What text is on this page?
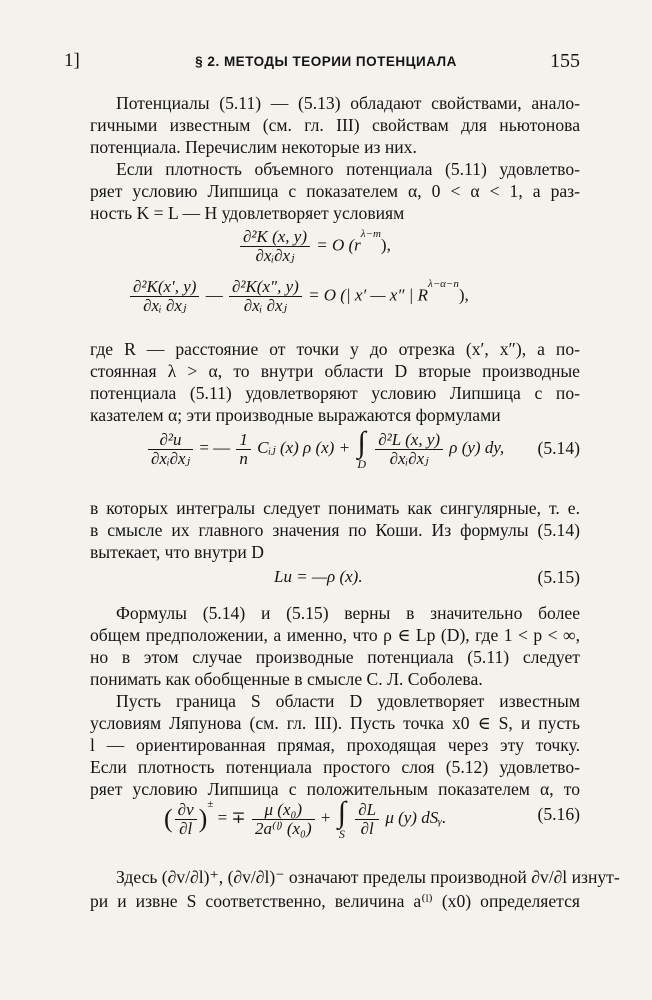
1]	§ 2. МЕТОДЫ ТЕОРИИ ПОТЕНЦИАЛА	155
Потенциалы (5.11) — (5.13) обладают свойствами, анало-
гичными известным (см. гл. III) свойствам для ньютонова
потенциала. Перечислим некоторые из них.
Если плотность объемного потенциала (5.11) удовлетво-
ряет условию Липшица с показателем α, 0 < α < 1, а раз-
ность K = L — H удовлетворяет условиям
$\frac{\text{∂²K (x, y)}}{\text{∂xᵢ∂xⱼ}} = O$ $(r^{\lambda-m})$,
$\frac{\text{∂²K(x′, y)}}{\text{∂xᵢ ∂xⱼ}}$ — $\frac{\text{∂²K(x″, y)}}{\text{∂xᵢ ∂xⱼ}} = O$ (| x′ — x″ | $R^{\lambda-\alpha-n}$),
где R — расстояние от точки y до отрезка (x′, x″), а по-
стоянная λ > α, то внутри области D вторые производные
потенциала (5.11) удовлетворяют условию Липшица с по-
казателем α; эти производные выражаются формулами
$\frac{\text{∂²u}}{\text{∂xᵢ∂xⱼ}}$ = — $\frac{1}{n}$ Cᵢⱼ (x) ρ (x) + ∫
D
$\frac{\text{∂²L (x, y)}}{\text{∂xᵢ∂xⱼ}}$ ρ (y) dy, (5.14)
в которых интегралы следует понимать как сингулярные, т. е.
в смысле их главного значения по Коши. Из формулы (5.14)
вытекает, что внутри D
Lu = —ρ (x).	(5.15)
Формулы (5.14) и (5.15) верны в значительно более
общем предположении, а именно, что ρ ∈ Lp (D), где 1 < p < ∞,
но в этом случае производные потенциала (5.11) следует
понимать как обобщенные в смысле С. Л. Соболева.
Пусть граница S области D удовлетворяет известным
условиям Ляпунова (см. гл. III). Пусть точка x0 ∈ S, и пусть
l — ориентированная прямая, проходящая через эту точку.
Если плотность потенциала простого слоя (5.12) удовлетво-
ряет условию Липшица с положительным показателем α, то
( $\frac{\partial v}{\partial l} )^\pm$ = ∓ $\frac{\text{μ (x₀)}}{\text{2a⁽ˡ⁾ (x₀)}}$ + ∫
S
$\frac{\partial L}{\partial l}$ μ (y) dSᵧ.	(5.16)
Здесь (∂v/∂l)⁺, (∂v/∂l)⁻ означают пределы производной ∂v/∂l изнут-
ри и извне S соответственно, величина a⁽ˡ⁾ (x0) определяется
